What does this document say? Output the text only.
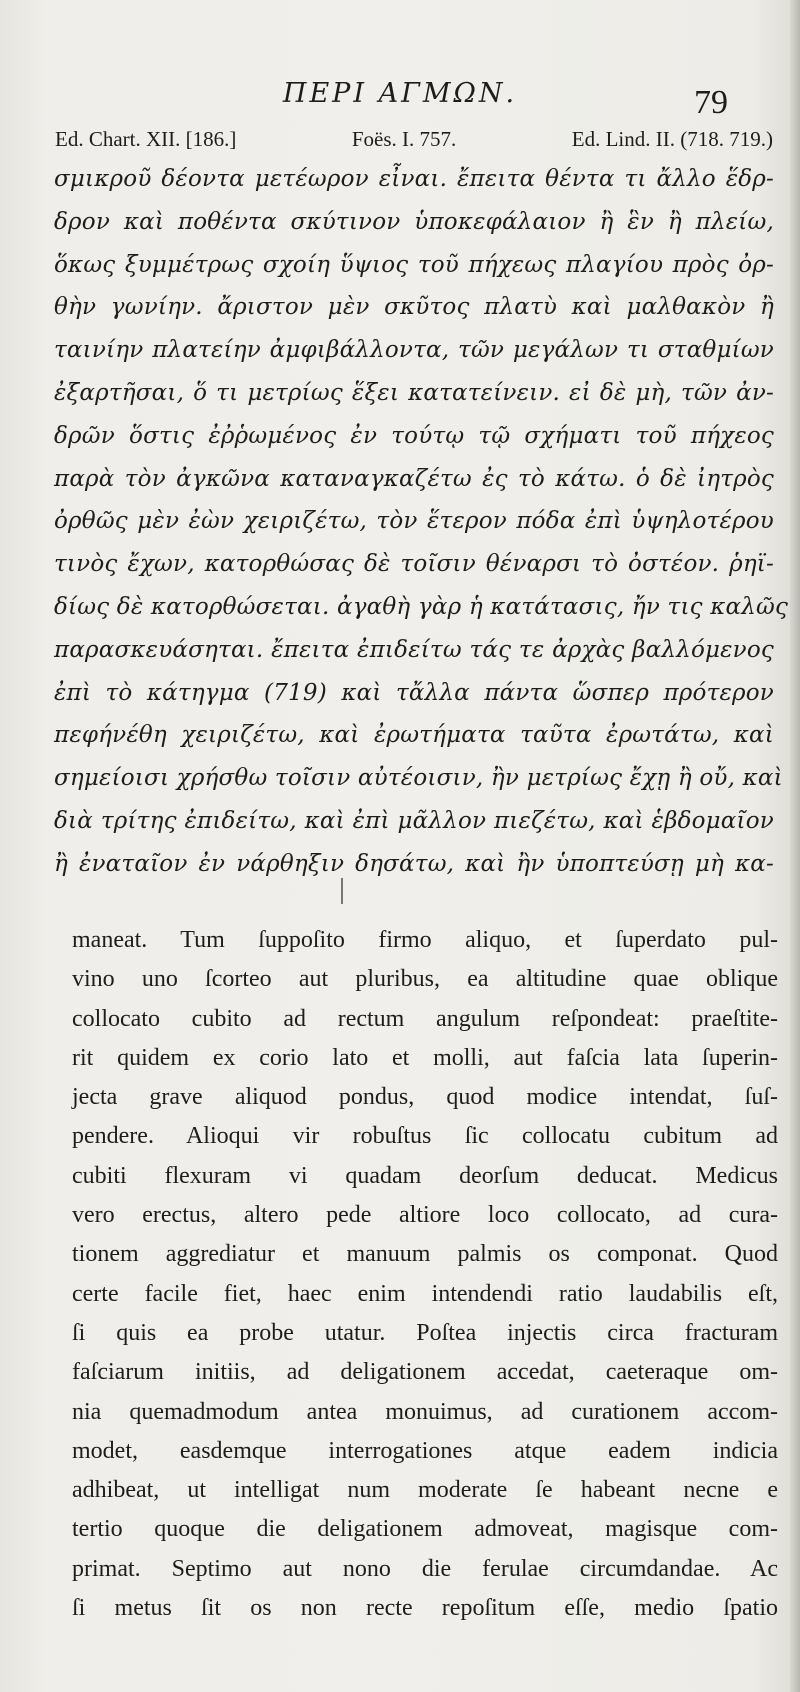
ΠΕΡΙ ΑΓΜΩΝ.	79
Ed. Chart. XII. [186.]	Foës. I. 757.	Ed. Lind. II. (718. 719.)
σμικροῦ δέοντα μετέωρον εἶναι. ἔπειτα θέντα τι ἄλλο ἕδρ-
δρον καὶ ποθέντα σκύτινον ὑποκεφάλαιον ἢ ἓν ἢ πλείω,
ὅκως ξυμμέτρως σχοίη ὕψιος τοῦ πήχεως πλαγίου πρὸς ὀρ-
θὴν γωνίην. ἄριστον μὲν σκῦτος πλατὺ καὶ μαλθακὸν ἢ
ταινίην πλατείην ἀμφιβάλλοντα, τῶν μεγάλων τι σταθμίων
ἐξαρτῆσαι, ὅ τι μετρίως ἕξει κατατείνειν. εἰ δὲ μὴ, τῶν ἀν-
δρῶν ὅστις ἐῤῥωμένος ἐν τούτῳ τῷ σχήματι τοῦ πήχεος
παρὰ τὸν ἀγκῶνα καταναγκαζέτω ἐς τὸ κάτω. ὁ δὲ ἰητρὸς
ὀρθῶς μὲν ἐὼν χειριζέτω, τὸν ἕτερον πόδα ἐπὶ ὑψηλοτέρου
τινὸς ἔχων, κατορθώσας δὲ τοῖσιν θέναρσι τὸ ὀστέον. ῥηϊ-
δίως δὲ κατορθώσεται. ἀγαθὴ γὰρ ἡ κατάτασις, ἤν τις καλῶς
παρασκευάσηται. ἔπειτα ἐπιδείτω τάς τε ἀρχὰς βαλλόμενος
ἐπὶ τὸ κάτηγμα (719) καὶ τἄλλα πάντα ὥσπερ πρότερον
πεφήνέθη χειριζέτω, καὶ ἐρωτήματα ταῦτα ἐρωτάτω, καὶ
σημείοισι χρήσθω τοῖσιν αὐτέοισιν, ἢν μετρίως ἔχῃ ἢ οὔ, καὶ
διὰ τρίτης ἐπιδείτω, καὶ ἐπὶ μᾶλλον πιεζέτω, καὶ ἑβδομαῖον
ἢ ἐναταῖον ἐν νάρθηξιν δησάτω, καὶ ἢν ὑποπτεύσῃ μὴ κα-
maneat. Tum ſuppoſito firmo aliquo, et ſuperdato pul-
vino uno ſcorteo aut pluribus, ea altitudine quae oblique
collocato cubito ad rectum angulum reſpondeat: praeſtite-
rit quidem ex corio lato et molli, aut faſcia lata ſuperin-
jecta grave aliquod pondus, quod modice intendat, ſuſ-
pendere. Alioqui vir robuſtus ſic collocatu cubitum ad
cubiti flexuram vi quadam deorſum deducat. Medicus
vero erectus, altero pede altiore loco collocato, ad cura-
tionem aggrediatur et manuum palmis os componat. Quod
certe facile fiet, haec enim intendendi ratio laudabilis eſt,
ſi quis ea probe utatur. Poſtea injectis circa fracturam
faſciarum initiis, ad deligationem accedat, caeteraque om-
nia quemadmodum antea monuimus, ad curationem accom-
modet, easdemque interrogationes atque eadem indicia
adhibeat, ut intelligat num moderate ſe habeant necne e
tertio quoque die deligationem admoveat, magisque com-
primat. Septimo aut nono die ferulae circumdandae. Ac
ſi metus ſit os non recte repoſitum eſſe, medio ſpatio
